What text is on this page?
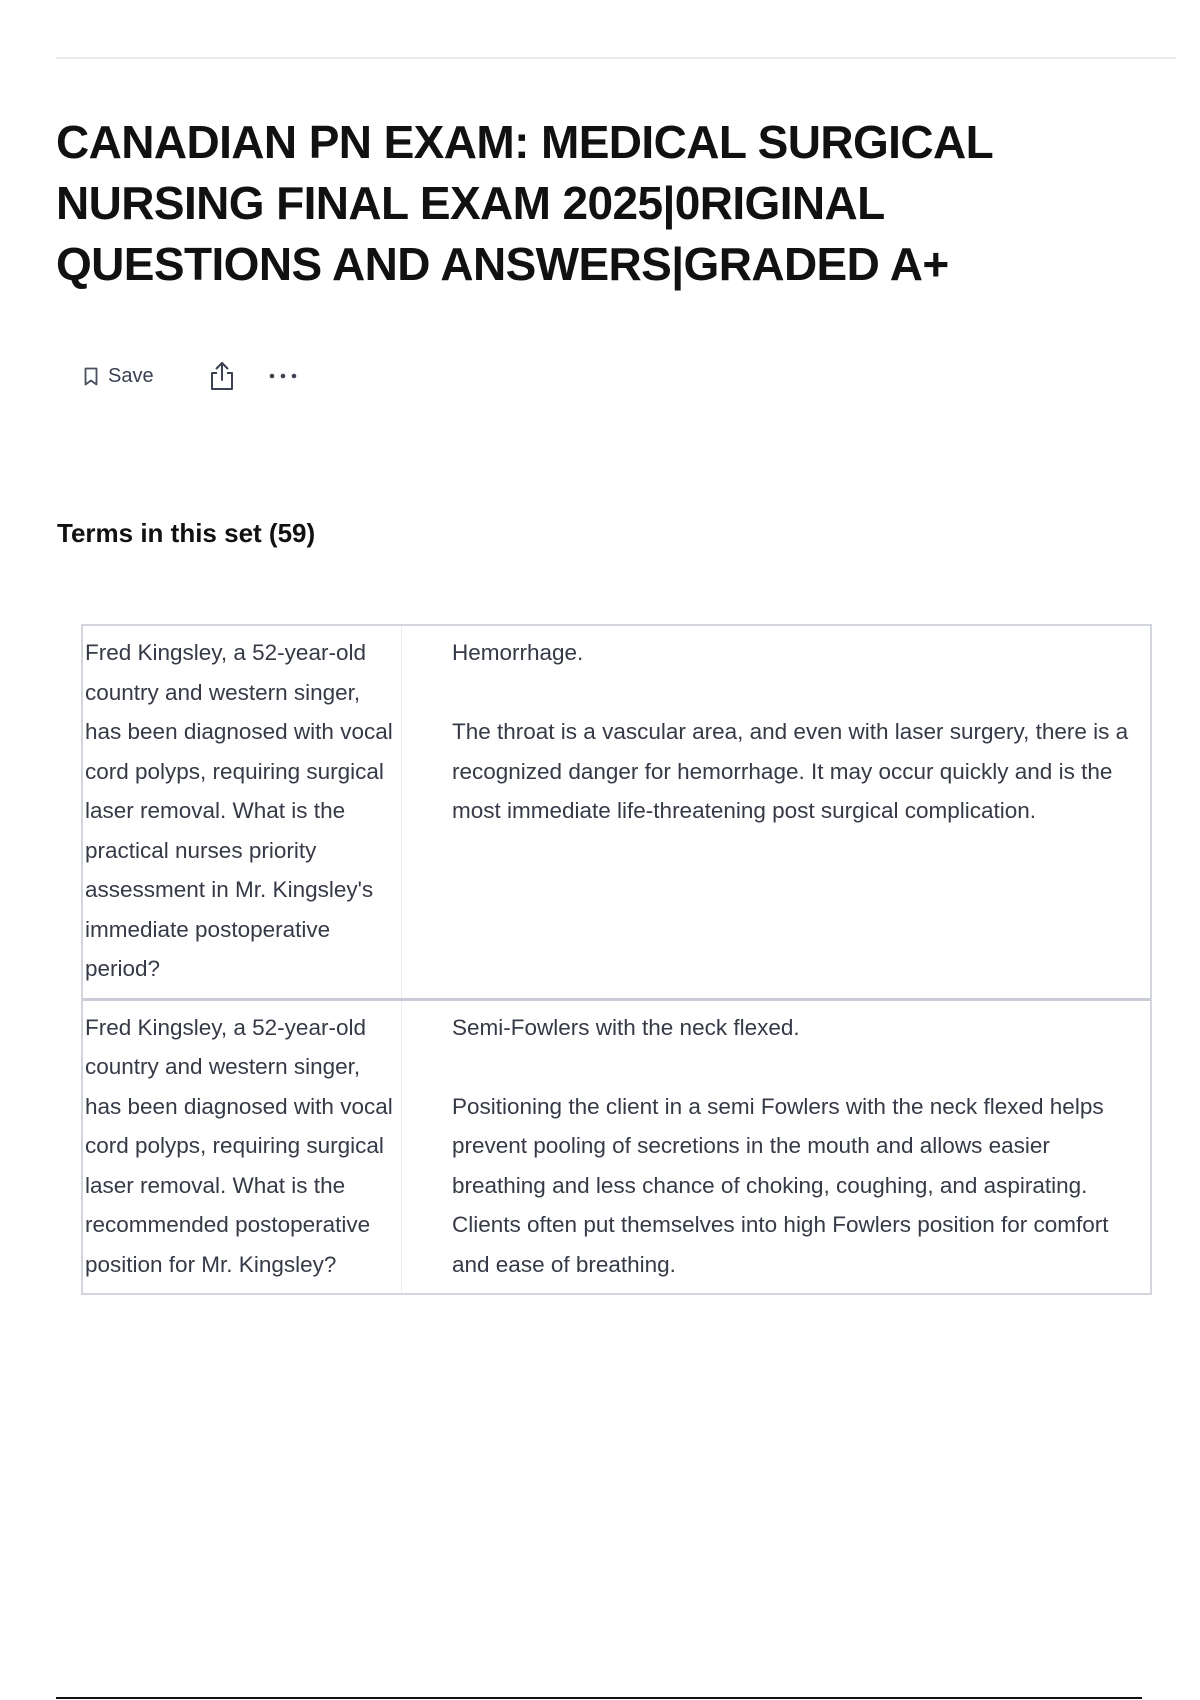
CANADIAN PN EXAM: MEDICAL SURGICAL NURSING FINAL EXAM 2025|0RIGINAL QUESTIONS AND ANSWERS|GRADED A+
Save
Terms in this set (59)
Fred Kingsley, a 52-year-old country and western singer, has been diagnosed with vocal cord polyps, requiring surgical laser removal. What is the practical nurses priority assessment in Mr. Kingsley's immediate postoperative period?

Hemorrhage.

The throat is a vascular area, and even with laser surgery, there is a recognized danger for hemorrhage. It may occur quickly and is the most immediate life-threatening post surgical complication.

Fred Kingsley, a 52-year-old country and western singer, has been diagnosed with vocal cord polyps, requiring surgical laser removal. What is the recommended postoperative position for Mr. Kingsley?

Semi-Fowlers with the neck flexed.

Positioning the client in a semi Fowlers with the neck flexed helps prevent pooling of secretions in the mouth and allows easier breathing and less chance of choking, coughing, and aspirating. Clients often put themselves into high Fowlers position for comfort and ease of breathing.
